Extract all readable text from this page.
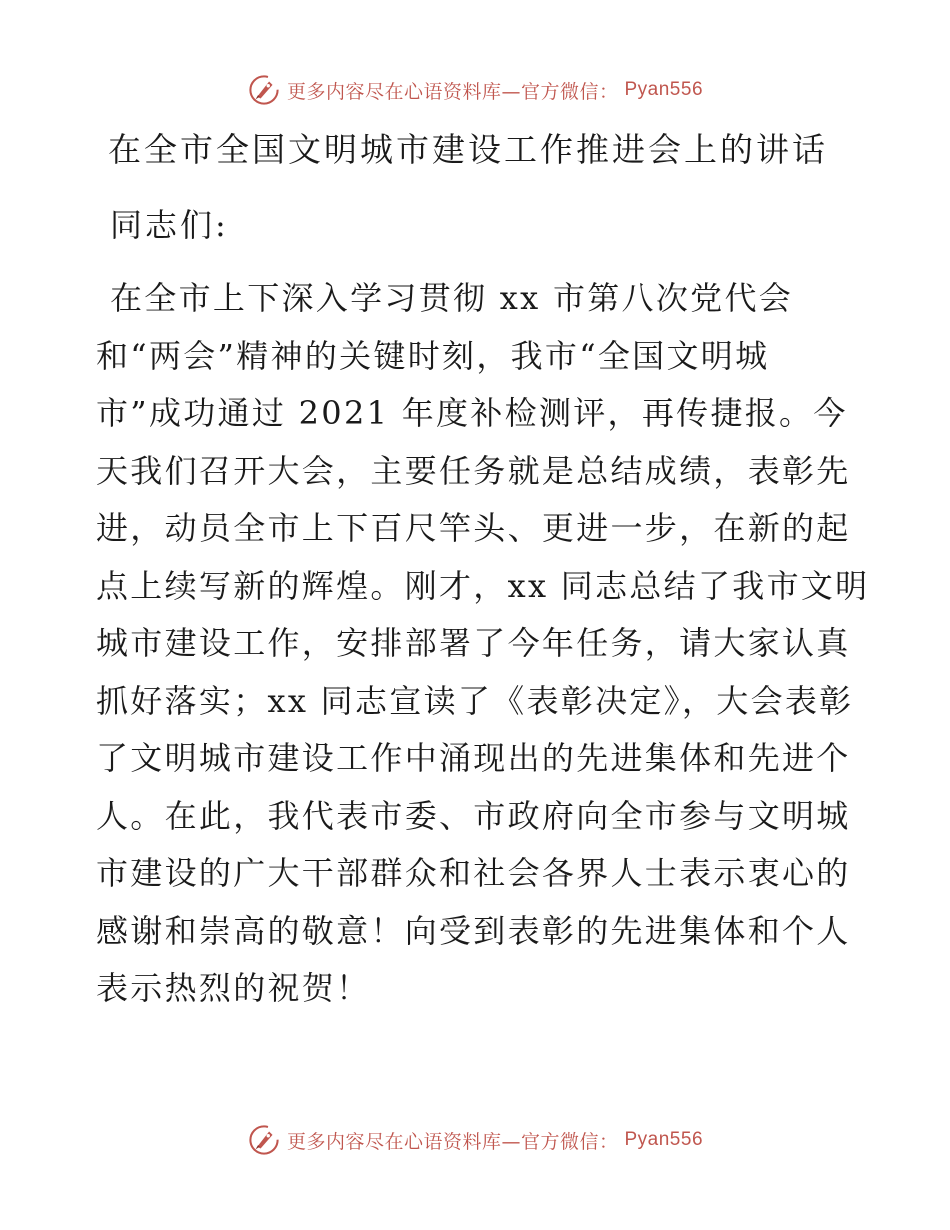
更多内容尽在心语资料库—官方微信： Pyan556
在全市全国文明城市建设工作推进会上的讲话

同志们:

在全市上下深入学习贯彻 xx 市第八次党代会
和“两会”精神的关键时刻，我市“全国文明城
市”成功通过 2021 年度补检测评，再传捷报。今
天我们召开大会，主要任务就是总结成绩，表彰先
进，动员全市上下百尺竿头、更进一步，在新的起
点上续写新的辉煌。刚才，xx 同志总结了我市文明
城市建设工作，安排部署了今年任务，请大家认真
抓好落实；xx 同志宣读了《表彰决定》，大会表彰
了文明城市建设工作中涌现出的先进集体和先进个
人。在此，我代表市委、市政府向全市参与文明城
市建设的广大干部群众和社会各界人士表示衷心的
感谢和崇高的敬意！向受到表彰的先进集体和个人
表示热烈的祝贺！
更多内容尽在心语资料库—官方微信： Pyan556
